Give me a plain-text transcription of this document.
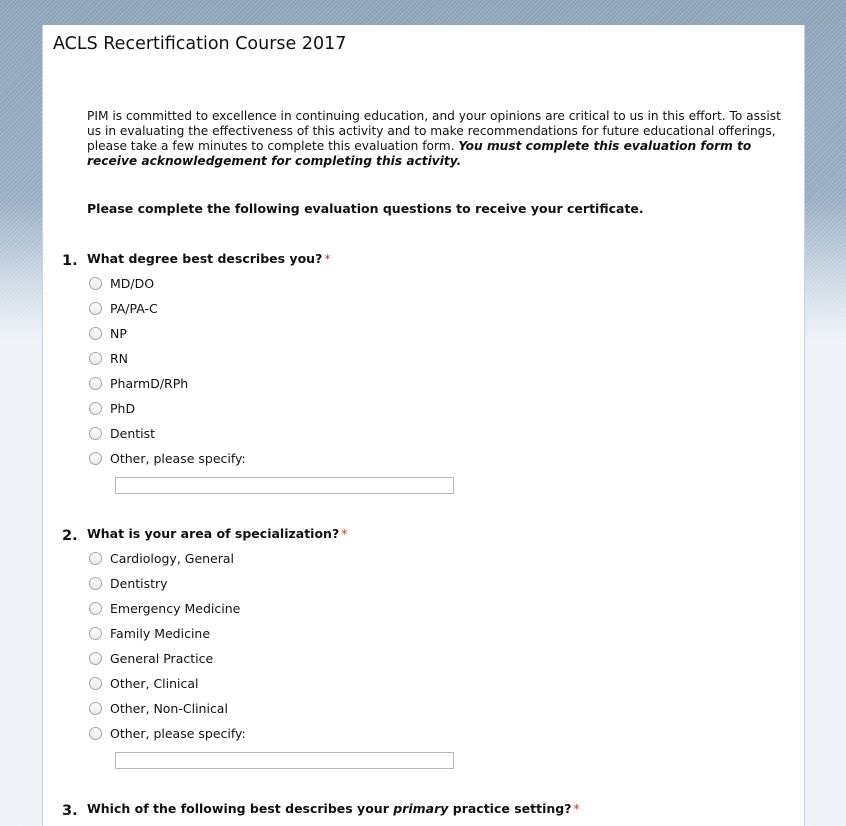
ACLS Recertification Course 2017
PIM is committed to excellence in continuing education, and your opinions are critical to us in this effort. To assist us in evaluating the effectiveness of this activity and to make recommendations for future educational offerings, please take a few minutes to complete this evaluation form. You must complete this evaluation form to receive acknowledgement for completing this activity.
Please complete the following evaluation questions to receive your certificate.
1. What degree best describes you? *
MD/DO
PA/PA-C
NP
RN
PharmD/RPh
PhD
Dentist
Other, please specify:
2. What is your area of specialization? *
Cardiology, General
Dentistry
Emergency Medicine
Family Medicine
General Practice
Other, Clinical
Other, Non-Clinical
Other, please specify:
3. Which of the following best describes your primary practice setting? *
